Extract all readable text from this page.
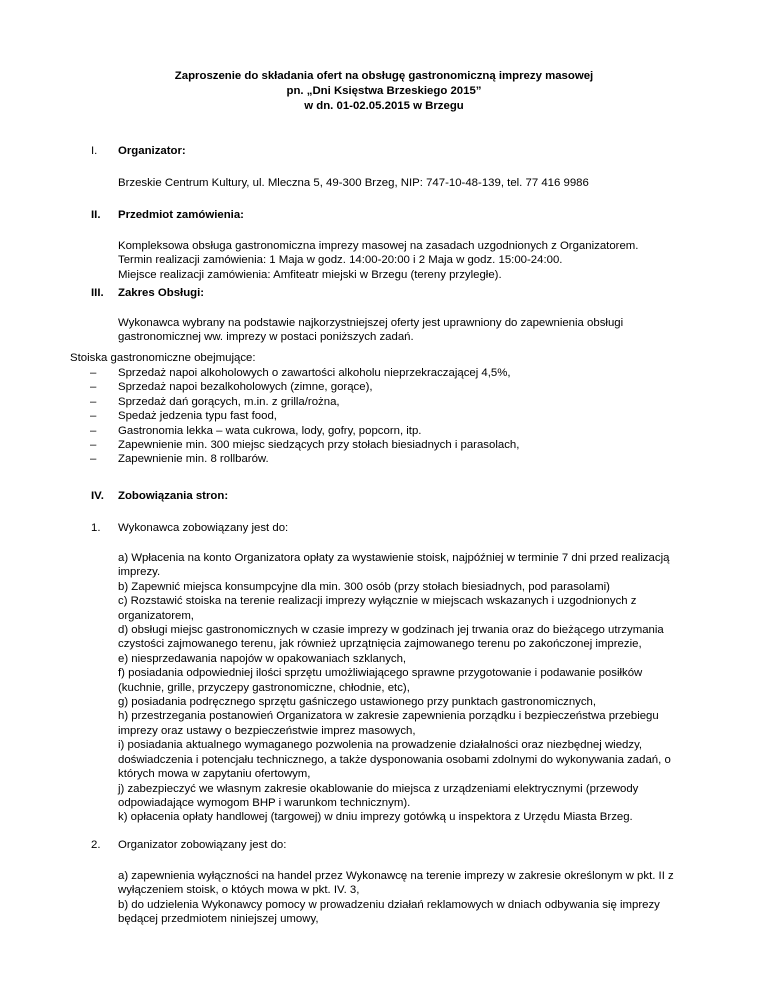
Zaproszenie do składania ofert na obsługę gastronomiczną imprezy masowej
pn. „Dni Księstwa Brzeskiego 2015”
w dn. 01-02.05.2015 w Brzegu
I. Organizator:
Brzeskie Centrum Kultury, ul. Mleczna 5, 49-300 Brzeg, NIP: 747-10-48-139, tel. 77 416 9986
II. Przedmiot zamówienia:
Kompleksowa obsługa gastronomiczna imprezy masowej na zasadach uzgodnionych z Organizatorem.
Termin realizacji zamówienia: 1 Maja w godz. 14:00-20:00 i 2 Maja w godz. 15:00-24:00.
Miejsce realizacji zamówienia: Amfiteatr miejski w Brzegu (tereny przyległe).
III. Zakres Obsługi:
Wykonawca wybrany na podstawie najkorzystniejszej oferty jest uprawniony do zapewnienia obsługi
gastronomicznej ww. imprezy w postaci poniższych zadań.
Stoiska gastronomiczne obejmujące:
–	Sprzedaż napoi alkoholowych o zawartości alkoholu nieprzekraczającej 4,5%,
–	Sprzedaż napoi bezalkoholowych (zimne, gorące),
–	Sprzedaż dań gorących, m.in. z grilla/rożna,
–	Spedaż jedzenia typu fast food,
–	Gastronomia lekka – wata cukrowa, lody, gofry, popcorn, itp.
–	Zapewnienie min. 300 miejsc siedzących przy stołach biesiadnych i parasolach,
–	Zapewnienie min. 8 rollbarów.
IV. Zobowiązania stron:
1. Wykonawca zobowiązany jest do:
a) Wpłacenia na konto Organizatora opłaty za wystawienie stoisk, najpóźniej w terminie 7 dni przed realizacją
imprezy.
b) Zapewnić miejsca konsumpcyjne dla min. 300 osób (przy stołach biesiadnych, pod parasolami)
c) Rozstawić stoiska na terenie realizacji imprezy wyłącznie w miejscach wskazanych i uzgodnionych z
organizatorem,
d) obsługi miejsc gastronomicznych w czasie imprezy w godzinach jej trwania oraz do bieżącego utrzymania
czystości zajmowanego terenu, jak również uprzątnięcia zajmowanego terenu po zakończonej imprezie,
e) niesprzedawania napojów w opakowaniach szklanych,
f) posiadania odpowiedniej ilości sprzętu umożliwiającego sprawne przygotowanie i podawanie posiłków
(kuchnie, grille, przyczepy gastronomiczne, chłodnie, etc),
g) posiadania podręcznego sprzętu gaśniczego ustawionego przy punktach gastronomicznych,
h) przestrzegania postanowień Organizatora w zakresie zapewnienia porządku i bezpieczeństwa przebiegu
imprezy oraz ustawy o bezpieczeństwie imprez masowych,
i) posiadania aktualnego wymaganego pozwolenia na prowadzenie działalności oraz niezbędnej wiedzy,
doświadczenia i potencjału technicznego, a także dysponowania osobami zdolnymi do wykonywania zadań, o
których mowa w zapytaniu ofertowym,
j) zabezpieczyć we własnym zakresie okablowanie do miejsca z urządzeniami elektrycznymi (przewody
odpowiadające wymogom BHP i warunkom technicznym).
k) opłacenia opłaty handlowej (targowej) w dniu imprezy gotówką u inspektora z Urzędu Miasta Brzeg.
2. Organizator zobowiązany jest do:
a) zapewnienia wyłączności na handel przez Wykonawcę na terenie imprezy w zakresie określonym w pkt. II z
wyłączeniem stoisk, o któych mowa w pkt. IV. 3,
b) do udzielenia Wykonawcy pomocy w prowadzeniu działań reklamowych w dniach odbywania się imprezy
będącej przedmiotem niniejszej umowy,
